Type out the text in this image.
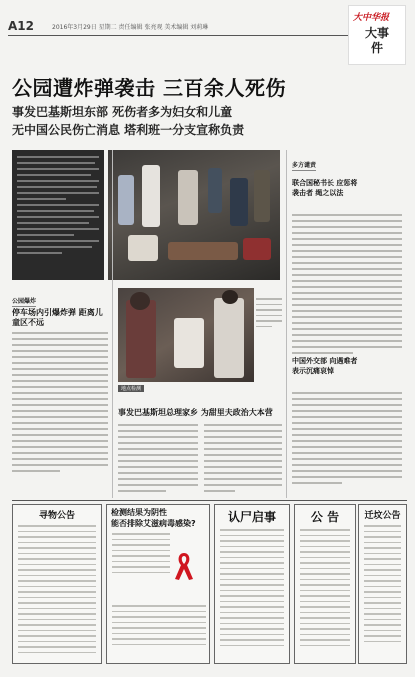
A12	2016年3月29日 星期二 责任编辑 张亮观 美术编辑 刘莉琳
大中华报
大事件
公园遭炸弹袭击 三百余人死伤
事发巴基斯坦东部 死伤者多为妇女和儿童
无中国公民伤亡消息 塔利班一分支宣称负责
地点检测
公园爆炸
停车场内引爆炸弹 距离儿童区不远
事发巴基斯坦总理家乡 为甜里夫政治大本营
多方谴责
联合国秘书长 应惩将袭击者 绳之以法
中国外交部 向遇难者 表示沉痛哀悼
寻物公告	检测结果为阴性
能否排除艾滋病毒感染?	认尸启事	公 告	迁坟公告
